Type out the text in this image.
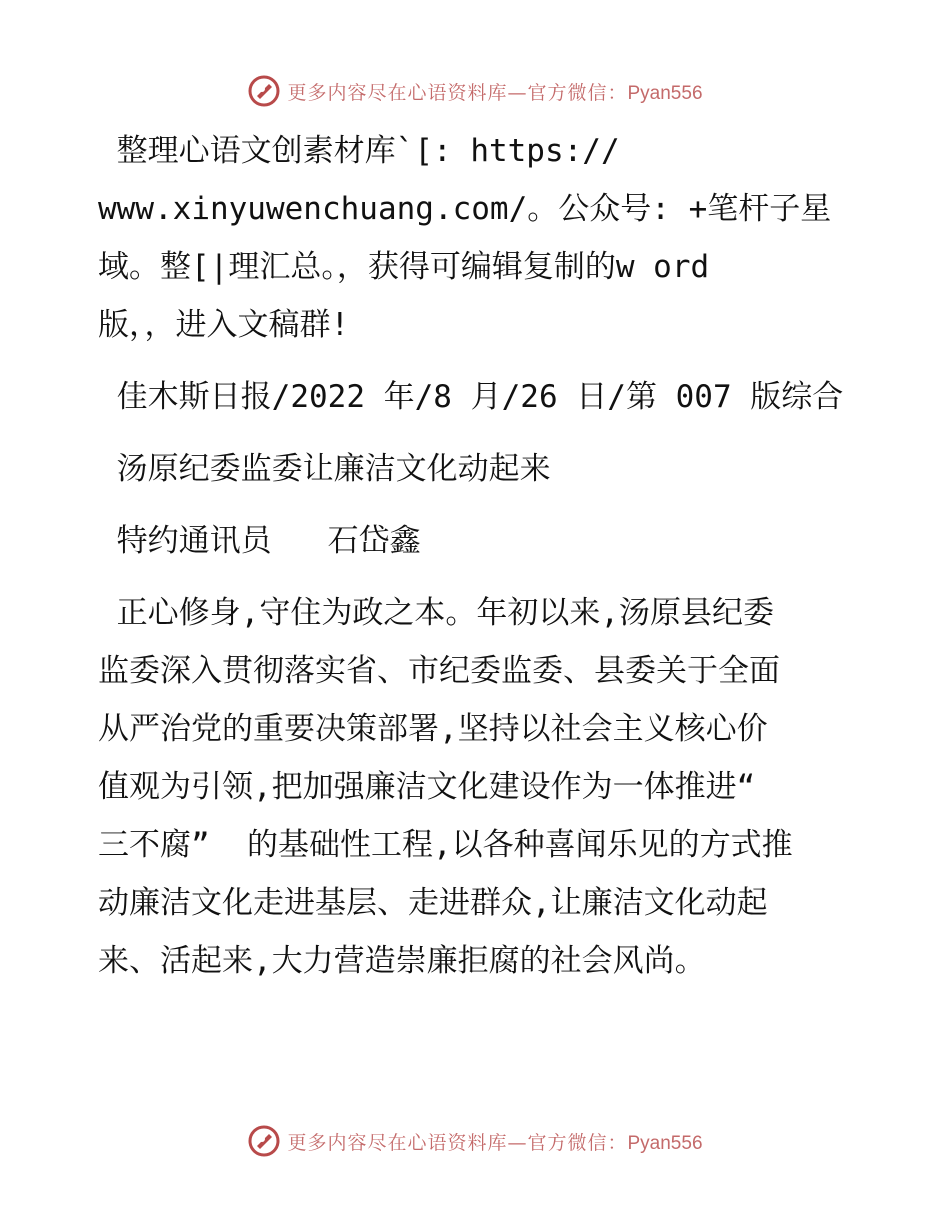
更多内容尽在心语资料库—官方微信：Pyan556

整理心语文创素材库`[: https://

www.xinyuwenchuang.com/。公众号: +笔杆子星

域。整[|理汇总。，获得可编辑复制的w ord

版，，进入文稿群!

佳木斯日报/2022 年/8 月/26 日/第 007 版综合

汤原纪委监委让廉洁文化动起来

特约通讯员   石岱鑫

正心修身,守住为政之本。年初以来,汤原县纪委

监委深入贯彻落实省、市纪委监委、县委关于全面

从严治党的重要决策部署,坚持以社会主义核心价

值观为引领,把加强廉洁文化建设作为一体推进“

三不腐”  的基础性工程,以各种喜闻乐见的方式推

动廉洁文化走进基层、走进群众,让廉洁文化动起

来、活起来,大力营造崇廉拒腐的社会风尚。

更多内容尽在心语资料库—官方微信：Pyan556
